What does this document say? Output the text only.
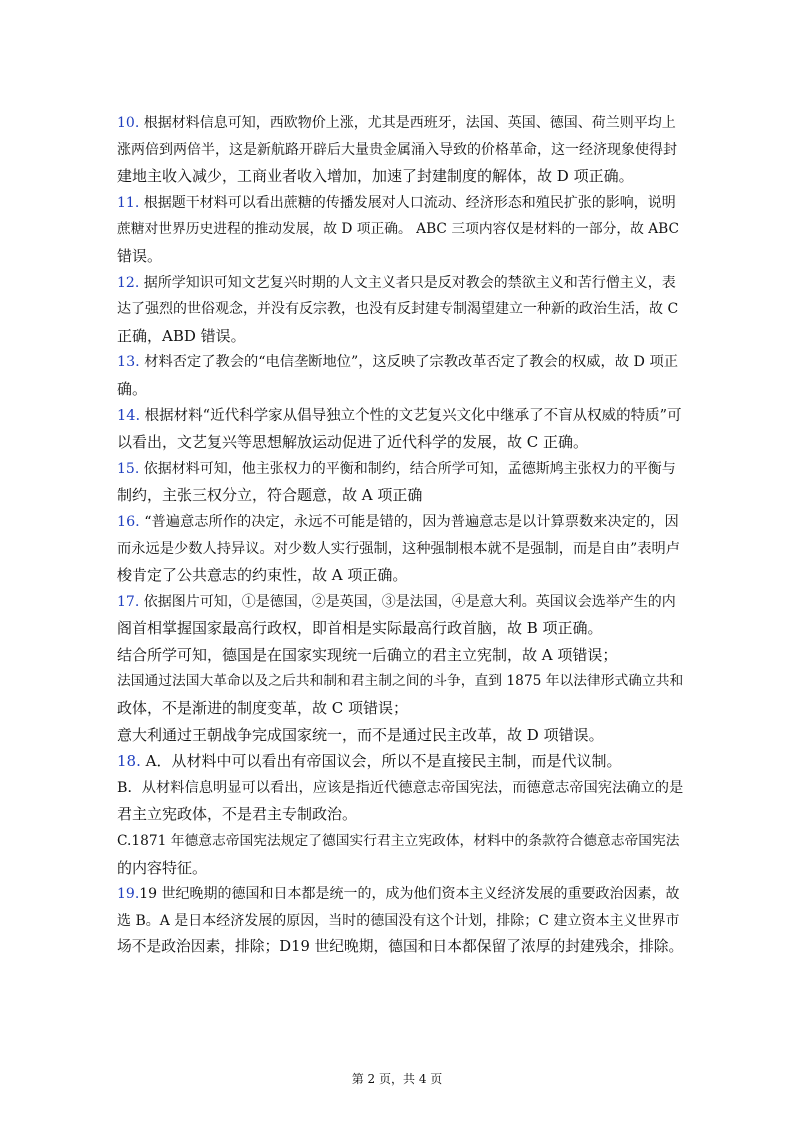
10. 根据材料信息可知，西欧物价上涨，尤其是西班牙，法国、英国、德国、荷兰则平均上
涨两倍到两倍半，这是新航路开辟后大量贵金属涌入导致的价格革命，这一经济现象使得封
建地主收入减少，工商业者收入增加，加速了封建制度的解体，故 D 项正确。
11. 根据题干材料可以看出蔗糖的传播发展对人口流动、经济形态和殖民扩张的影响，说明
蔗糖对世界历史进程的推动发展，故 D 项正确。 ABC 三项内容仅是材料的一部分，故 ABC
错误。
12. 据所学知识可知文艺复兴时期的人文主义者只是反对教会的禁欲主义和苦行僧主义，表
达了强烈的世俗观念，并没有反宗教，也没有反封建专制渴望建立一种新的政治生活，故 C
正确，ABD 错误。
13. 材料否定了教会的“电信垄断地位”，这反映了宗教改革否定了教会的权威，故 D 项正
确。
14. 根据材料“近代科学家从倡导独立个性的文艺复兴文化中继承了不盲从权威的特质”可
以看出，文艺复兴等思想解放运动促进了近代科学的发展，故 C 正确。
15. 依据材料可知，他主张权力的平衡和制约，结合所学可知，孟德斯鸠主张权力的平衡与
制约，主张三权分立，符合题意，故 A 项正确
16. “普遍意志所作的决定，永远不可能是错的，因为普遍意志是以计算票数来决定的，因
而永远是少数人持异议。对少数人实行强制，这种强制根本就不是强制，而是自由”表明卢
梭肯定了公共意志的约束性，故 A 项正确。
17. 依据图片可知，①是德国，②是英国，③是法国，④是意大利。英国议会选举产生的内
阁首相掌握国家最高行政权，即首相是实际最高行政首脑，故 B 项正确。
结合所学可知，德国是在国家实现统一后确立的君主立宪制，故 A 项错误；
法国通过法国大革命以及之后共和制和君主制之间的斗争，直到 1875 年以法律形式确立共和
政体，不是渐进的制度变革，故 C 项错误；
意大利通过王朝战争完成国家统一，而不是通过民主改革，故 D 项错误。
18. A．从材料中可以看出有帝国议会，所以不是直接民主制，而是代议制。
B．从材料信息明显可以看出，应该是指近代德意志帝国宪法，而德意志帝国宪法确立的是
君主立宪政体，不是君主专制政治。
C.1871 年德意志帝国宪法规定了德国实行君主立宪政体，材料中的条款符合德意志帝国宪法
的内容特征。
19.19 世纪晚期的德国和日本都是统一的，成为他们资本主义经济发展的重要政治因素，故
选 B。A 是日本经济发展的原因，当时的德国没有这个计划，排除；C 建立资本主义世界市
场不是政治因素，排除；D19 世纪晚期，德国和日本都保留了浓厚的封建残余，排除。
第 2 页，共 4 页
